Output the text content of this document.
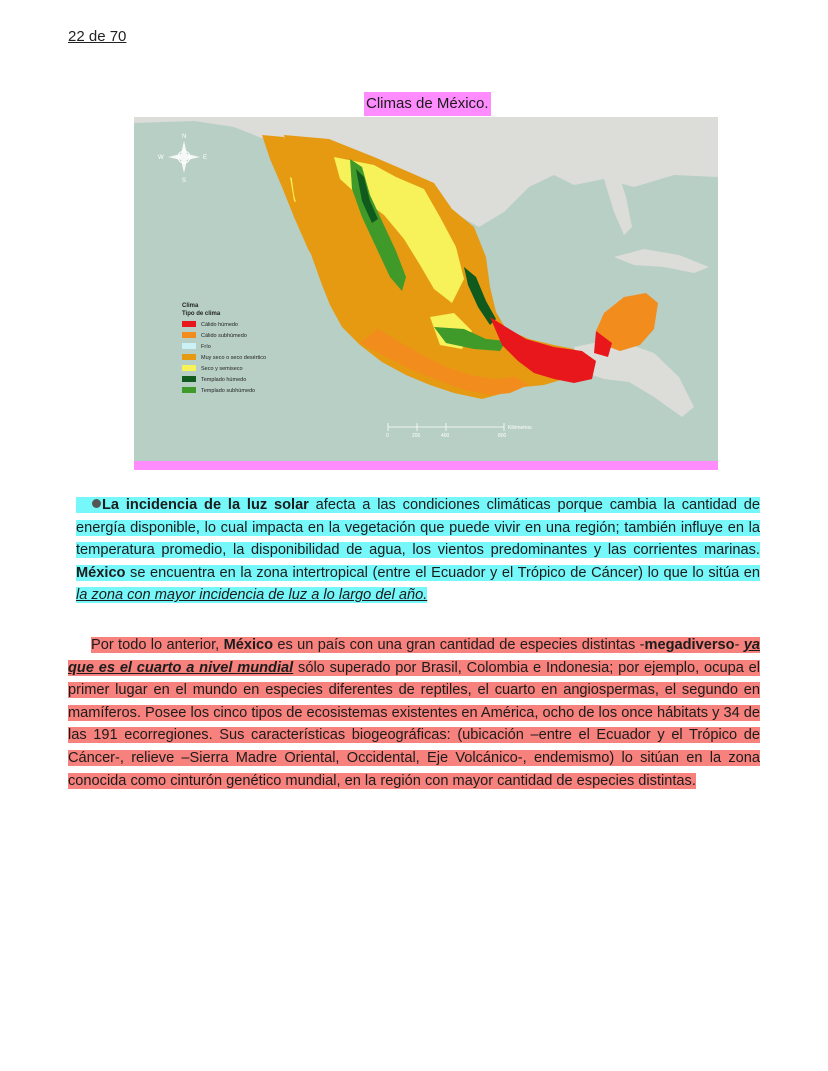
22 de 70
Climas de México.
N
S
E
W
Clima
Tipo de clima
Cálido húmedo
Cálido subhúmedo
Frío
Muy seco o seco desértico
Seco y semiseco
Templado húmedo
Templado subhúmedo
0	200	400	800
Kilómetros
La incidencia de la luz solar afecta a las condiciones climáticas porque cambia la cantidad de energía disponible, lo cual impacta en la vegetación que puede vivir en una región; también influye en la temperatura promedio, la disponibilidad de agua, los vientos predominantes y las corrientes marinas. México se encuentra en la zona intertropical (entre el Ecuador y el Trópico de Cáncer) lo que lo sitúa en la zona con mayor incidencia de luz a lo largo del año.
Por todo lo anterior, México es un país con una gran cantidad de especies distintas -megadiverso- ya que es el cuarto a nivel mundial sólo superado por Brasil, Colombia e Indonesia; por ejemplo, ocupa el primer lugar en el mundo en especies diferentes de reptiles, el cuarto en angiospermas, el segundo en mamíferos. Posee los cinco tipos de ecosistemas existentes en América, ocho de los once hábitats y 34 de las 191 ecorregiones. Sus características biogeográficas: (ubicación –entre el Ecuador y el Trópico de Cáncer-, relieve –Sierra Madre Oriental, Occidental, Eje Volcánico-, endemismo) lo sitúan en la zona conocida como cinturón genético mundial, en la región con mayor cantidad de especies distintas.
